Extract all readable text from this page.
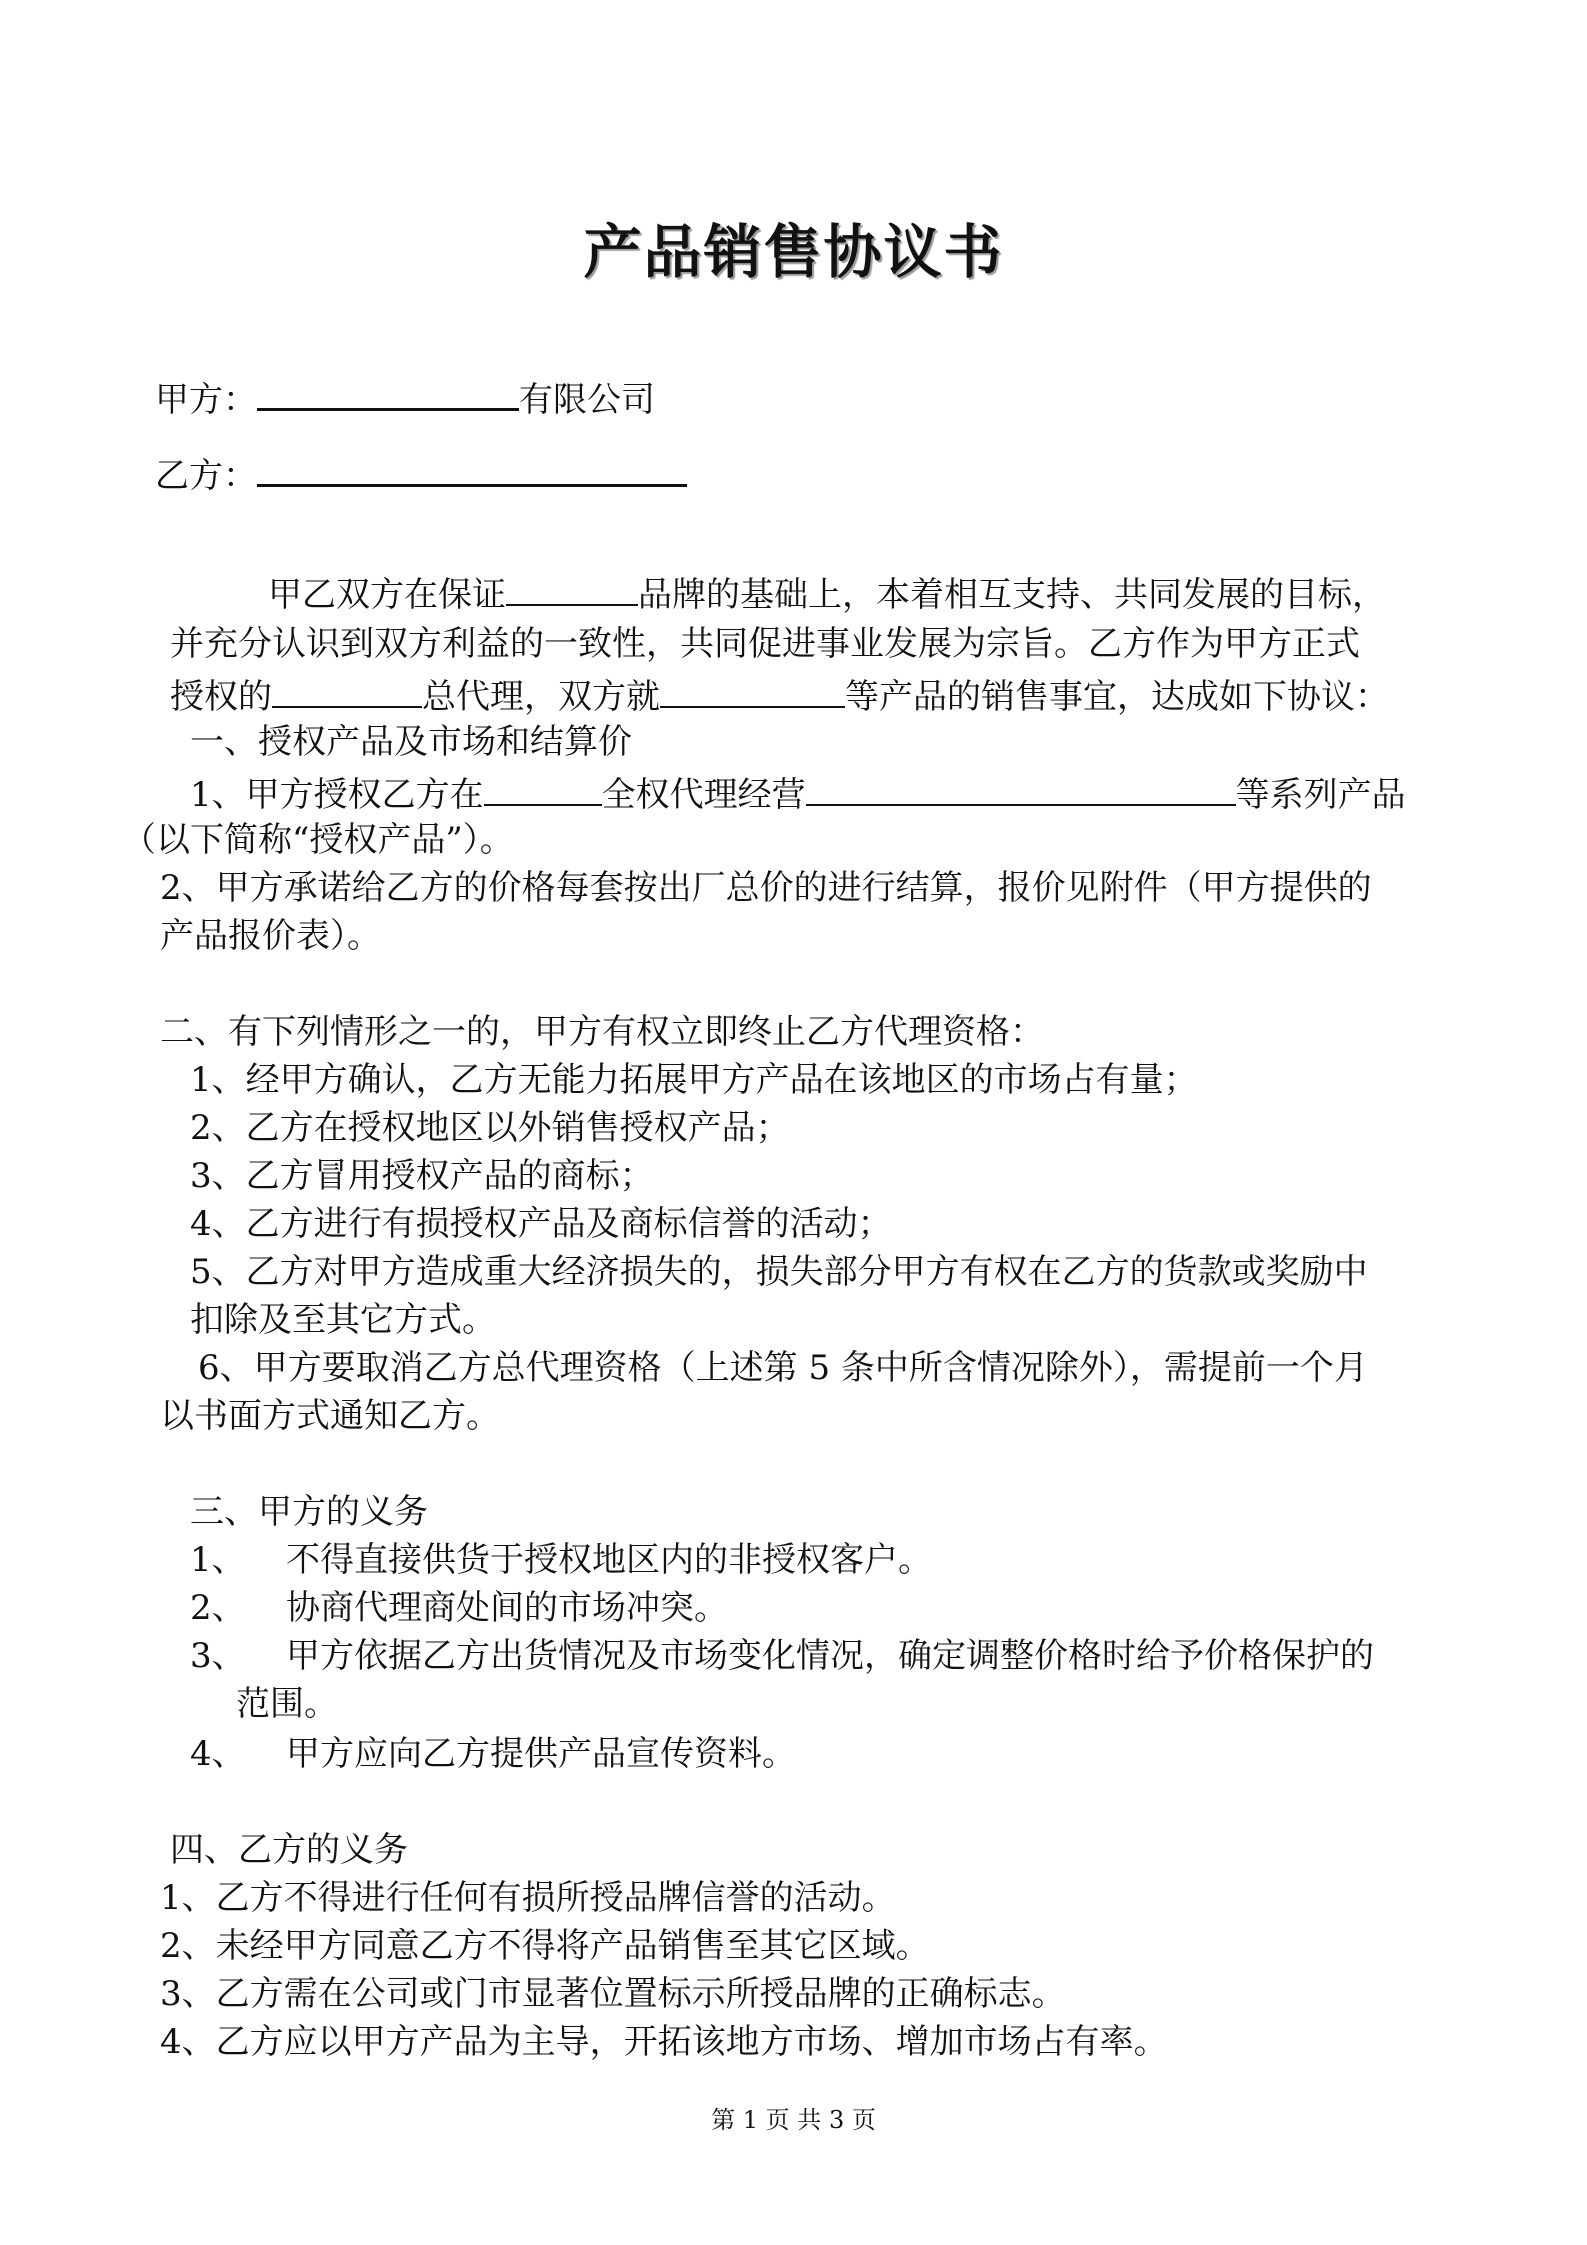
产品销售协议书
甲方：	有限公司
乙方：
甲乙双方在保证	品牌的基础上，本着相互支持、共同发展的目标，
并充分认识到双方利益的一致性，共同促进事业发展为宗旨。乙方作为甲方正式
授权的	总代理，双方就	等产品的销售事宜，达成如下协议：
一、授权产品及市场和结算价
1、甲方授权乙方在	全权代理经营	等系列产品
（以下简称“授权产品”）。
2、甲方承诺给乙方的价格每套按出厂总价的进行结算，报价见附件（甲方提供的
产品报价表）。
二、有下列情形之一的，甲方有权立即终止乙方代理资格：
1、经甲方确认，乙方无能力拓展甲方产品在该地区的市场占有量；
2、乙方在授权地区以外销售授权产品；
3、乙方冒用授权产品的商标；
4、乙方进行有损授权产品及商标信誉的活动；
5、乙方对甲方造成重大经济损失的，损失部分甲方有权在乙方的货款或奖励中
扣除及至其它方式。
6、甲方要取消乙方总代理资格（上述第 5 条中所含情况除外），需提前一个月
以书面方式通知乙方。
三、甲方的义务
1、 不得直接供货于授权地区内的非授权客户。
2、 协商代理商处间的市场冲突。
3、 甲方依据乙方出货情况及市场变化情况，确定调整价格时给予价格保护的
范围。
4、 甲方应向乙方提供产品宣传资料。
四、乙方的义务
1、乙方不得进行任何有损所授品牌信誉的活动。
2、未经甲方同意乙方不得将产品销售至其它区域。
3、乙方需在公司或门市显著位置标示所授品牌的正确标志。
4、乙方应以甲方产品为主导，开拓该地方市场、增加市场占有率。
第 1 页 共 3 页
